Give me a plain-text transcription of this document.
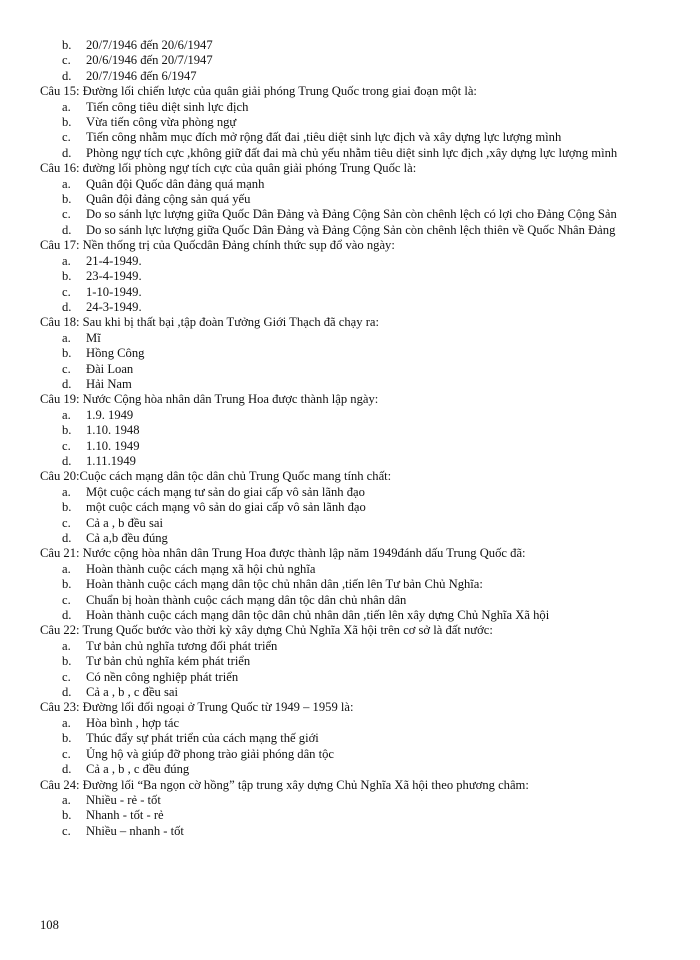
b. 20/7/1946 đến 20/6/1947
c. 20/6/1946 đến 20/7/1947
d. 20/7/1946 đến 6/1947
Câu 15: Đường lối chiến lược của quân giải phóng Trung Quốc trong giai đoạn một là:
a. Tiến công tiêu diệt sinh lực địch
b. Vừa tiến công vừa phòng ngự
c. Tiến công nhằm mục đích mở rộng đất đai ,tiêu diệt sinh lực địch và xây dựng lực lượng mình
d. Phòng ngự tích cực ,không giữ đất đai mà chủ yếu nhằm tiêu diệt sinh lực địch ,xây dựng lực lượng mình
Câu 16: đường lối phòng ngự tích cực của quân giải phóng Trung Quốc là:
a. Quân đội Quốc dân đảng quá mạnh
b. Quân đội đảng cộng sản quá yếu
c. Do so sánh lực lượng giữa Quốc Dân Đảng và Đảng Cộng Sản còn chênh lệch có lợi cho Đảng Cộng Sản
d. Do so sánh lực lượng giữa Quốc Dân Đảng và Đảng Cộng Sản còn chênh lệch thiên về Quốc Nhân Đảng
Câu 17: Nền thống trị của Quốcdân Đảng chính thức sụp đổ vào ngày:
a. 21-4-1949.
b. 23-4-1949.
c. 1-10-1949.
d. 24-3-1949.
Câu 18: Sau khi bị thất bại ,tập đoàn Tưởng Giới Thạch đã chạy ra:
a. Mĩ
b. Hồng Công
c. Đài Loan
d. Hải Nam
Câu 19: Nước Cộng hòa nhân dân Trung Hoa được thành lập ngày:
a. 1.9. 1949
b. 1.10. 1948
c. 1.10. 1949
d. 1.11.1949
Câu 20:Cuộc cách mạng dân tộc dân chủ Trung Quốc mang tính chất:
a. Một cuộc cách mạng tư sản do giai cấp vô sản lãnh đạo
b. một cuộc cách mạng vô sản do giai cấp vô sản lãnh đạo
c. Cả a , b đều sai
d. Cả a,b đều đúng
Câu 21: Nước cộng hòa nhân dân Trung Hoa được thành lập năm 1949đánh dấu Trung Quốc đã:
a. Hoàn thành cuộc cách mạng xã hội chủ nghĩa
b. Hoàn thành cuộc cách mạng dân tộc chủ nhân dân ,tiến lên Tư bản Chủ Nghĩa:
c. Chuẩn bị hoàn thành cuộc cách mạng dân tộc dân chủ nhân dân
d. Hoàn thành cuộc cách mạng dân tộc dân chủ nhân dân ,tiến lên xây dựng Chủ Nghĩa Xã hội
Câu 22: Trung Quốc bước vào thời kỳ xây dựng Chủ Nghĩa Xã hội trên cơ sở là đất nước:
a. Tư bản chủ nghĩa tương đối phát triển
b. Tư bản chủ nghĩa kém phát triển
c. Có nền công nghiệp phát triển
d. Cả a , b , c đều sai
Câu 23: Đường lối đối ngoại ở Trung Quốc từ 1949 – 1959 là:
a. Hòa bình , hợp tác
b. Thúc đẩy sự phát triển của cách mạng thế giới
c. Ủng hộ và giúp đỡ phong trào giải phóng dân tộc
d. Cả a , b , c đều đúng
Câu 24: Đường lối “Ba ngọn cờ hồng” tập trung xây dựng Chủ Nghĩa Xã hội theo phương châm:
a. Nhiều - rẻ - tốt
b. Nhanh - tốt - rẻ
c. Nhiều – nhanh - tốt
108
